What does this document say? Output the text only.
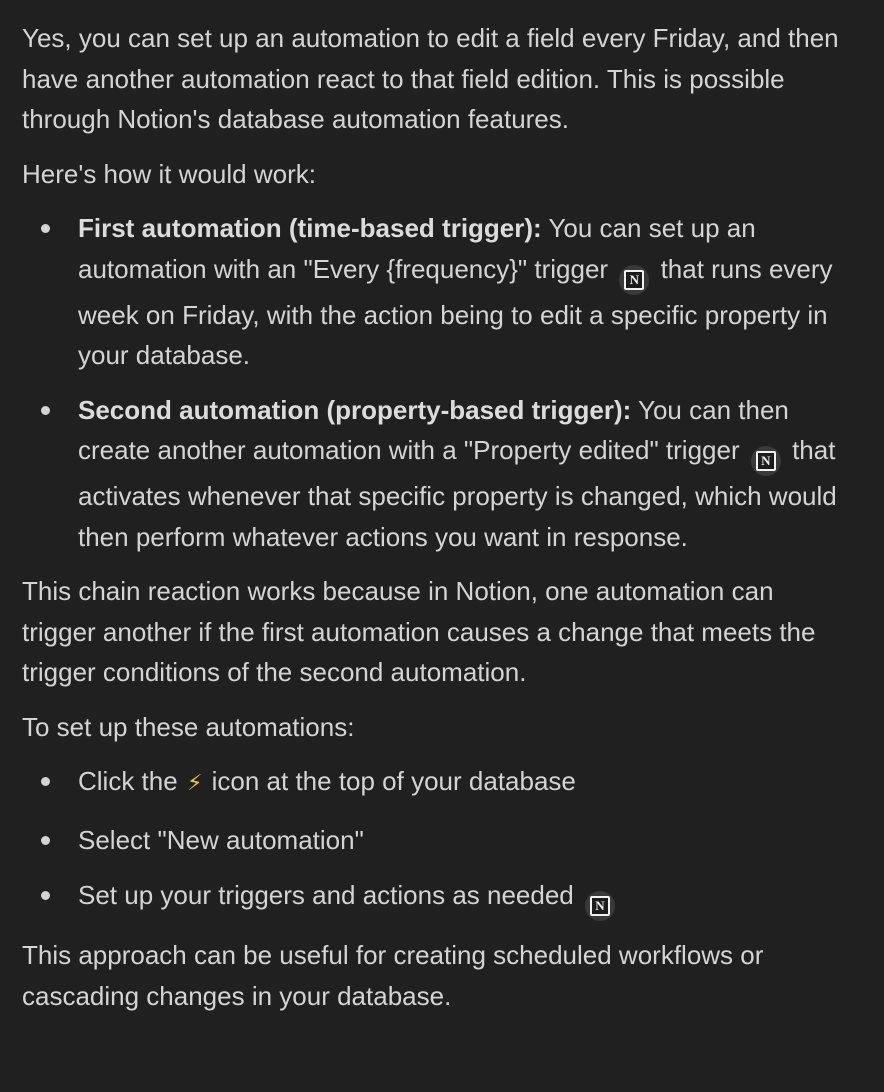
Yes, you can set up an automation to edit a field every Friday, and then have another automation react to that field edition. This is possible through Notion's database automation features.

Here's how it would work:

First automation (time-based trigger): You can set up an automation with an "Every {frequency}" trigger	N that runs every week on Friday, with the action being to edit a specific property in your database.
Second automation (property-based trigger): You can then create another automation with a "Property edited" trigger	N that activates whenever that specific property is changed, which would then perform whatever actions you want in response.

This chain reaction works because in Notion, one automation can trigger another if the first automation causes a change that meets the trigger conditions of the second automation.

To set up these automations:

Click the ⚡ icon at the top of your database
Select "New automation"
Set up your triggers and actions as needed	N

This approach can be useful for creating scheduled workflows or cascading changes in your database.
